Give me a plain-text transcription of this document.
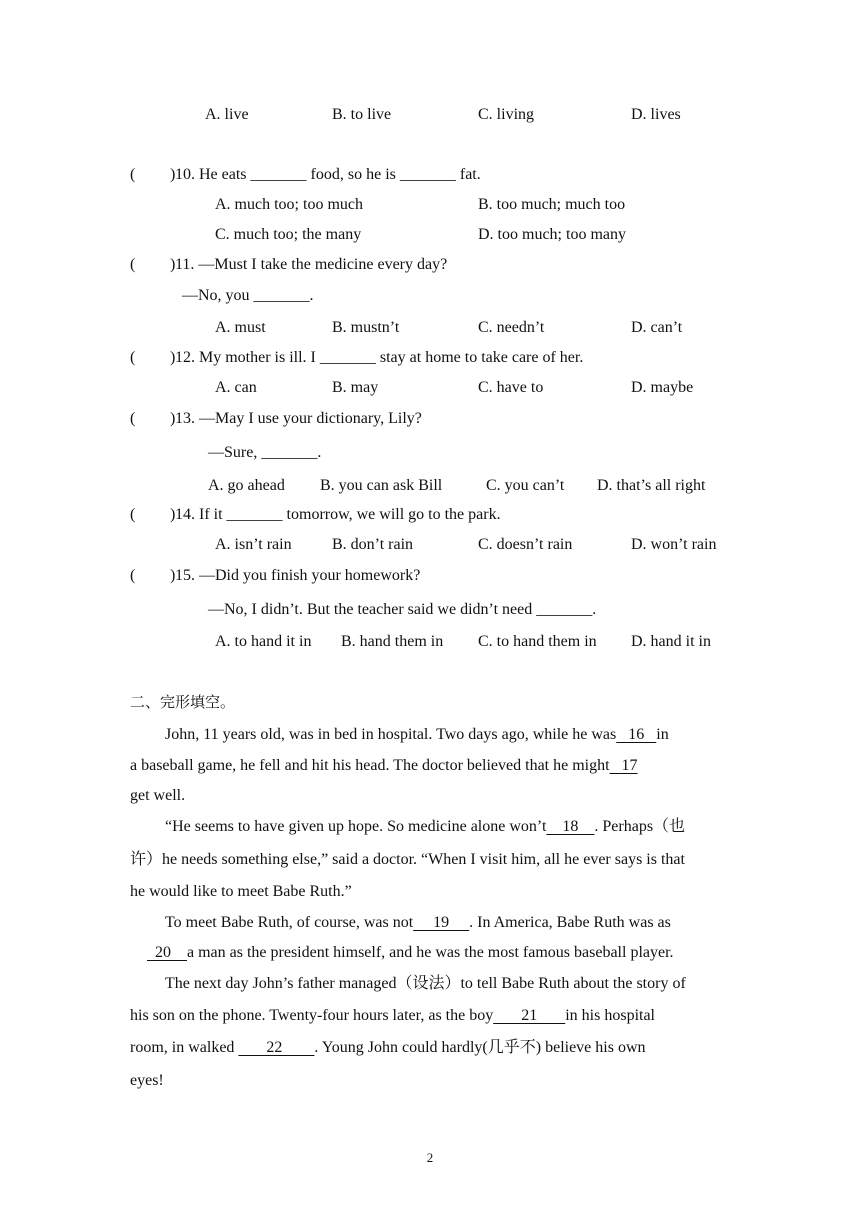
A. live	B. to live	C. living	D. lives
( ) 10. He eats _______ food, so he is _______ fat.
A. much too; too much	B. too much; much too
C. much too; the many	D. too much; too many
( ) 11. —Must I take the medicine every day?
—No, you _______.
A. must	B. mustn’t	C. needn’t	D. can’t
( ) 12. My mother is ill. I _______ stay at home to take care of her.
A. can	B. may	C. have to	D. maybe
( ) 13. —May I use your dictionary, Lily?
—Sure, _______.
A. go ahead B. you can ask Bill	C. you can’t D. that’s all right
( ) 14. If it _______ tomorrow, we will go to the park.
A. isn’t rain	B. don’t rain	C. doesn’t rain	D. won’t rain
( ) 15. —Did you finish your homework?
—No, I didn’t. But the teacher said we didn’t need _______.
A. to hand it in B. hand them in C. to hand them in D. hand it in
二、完形填空。
John, 11 years old, was in bed in hospital. Two days ago, while he was   16   in
a baseball game, he fell and hit his head. The doctor believed that he might   17
get well.
“He seems to have given up hope. So medicine alone won’t    18    . Perhaps（也
许）he needs something else,” said a doctor. “When I visit him, all he ever says is that
he would like to meet Babe Ruth.”
To meet Babe Ruth, of course, was not     19     . In America, Babe Ruth was as
20    a man as the president himself, and he was the most famous baseball player.
The next day John’s father managed（设法）to tell Babe Ruth about the story of
his son on the phone. Twenty-four hours later, as the boy       21       in his hospital
room, in walked        22        . Young John could hardly(几乎不) believe his own
eyes!
2
